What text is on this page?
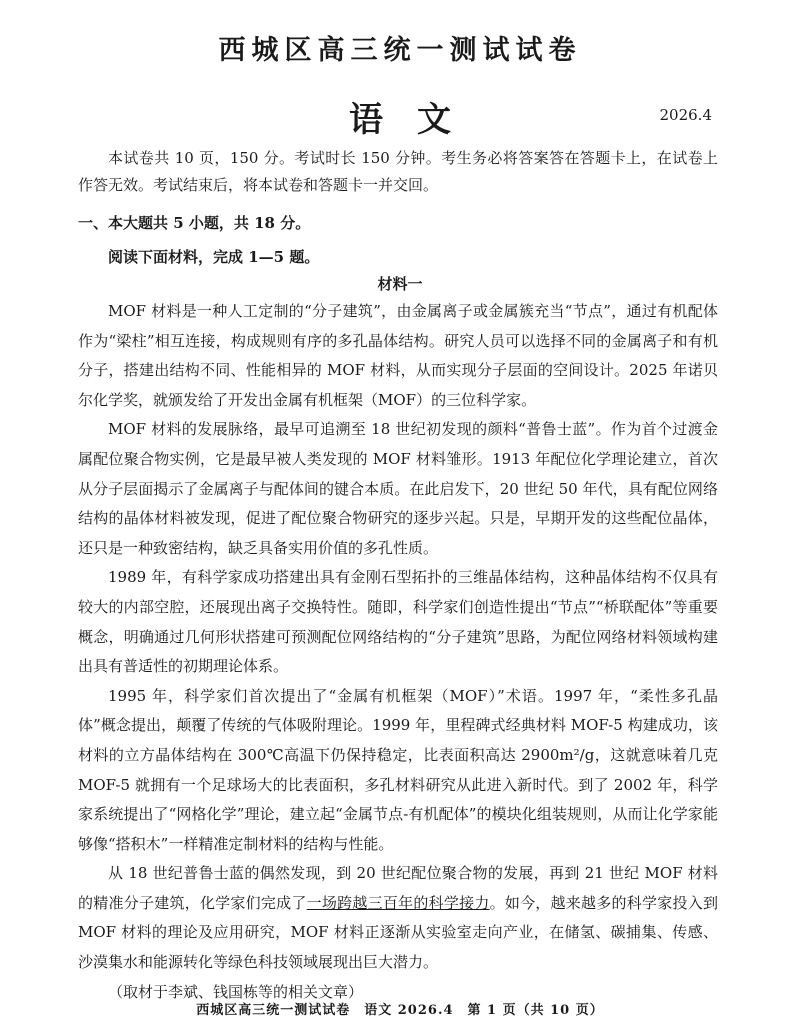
西城区高三统一测试试卷
语文	2026.4
本试卷共 10 页，150 分。考试时长 150 分钟。考生务必将答案答在答题卡上，在试卷上作答无效。考试结束后，将本试卷和答题卡一并交回。
一、本大题共 5 小题，共 18 分。
阅读下面材料，完成 1—5 题。
材料一

MOF 材料是一种人工定制的“分子建筑”，由金属离子或金属簇充当“节点”，通过有机配体作为“梁柱”相互连接，构成规则有序的多孔晶体结构。研究人员可以选择不同的金属离子和有机分子，搭建出结构不同、性能相异的 MOF 材料，从而实现分子层面的空间设计。2025 年诺贝尔化学奖，就颁发给了开发出金属有机框架（MOF）的三位科学家。

MOF 材料的发展脉络，最早可追溯至 18 世纪初发现的颜料“普鲁士蓝”。作为首个过渡金属配位聚合物实例，它是最早被人类发现的 MOF 材料雏形。1913 年配位化学理论建立，首次从分子层面揭示了金属离子与配体间的键合本质。在此启发下，20 世纪 50 年代，具有配位网络结构的晶体材料被发现，促进了配位聚合物研究的逐步兴起。只是，早期开发的这些配位晶体，还只是一种致密结构，缺乏具备实用价值的多孔性质。

1989 年，有科学家成功搭建出具有金刚石型拓扑的三维晶体结构，这种晶体结构不仅具有较大的内部空腔，还展现出离子交换特性。随即，科学家们创造性提出“节点”“桥联配体”等重要概念，明确通过几何形状搭建可预测配位网络结构的“分子建筑”思路，为配位网络材料领域构建出具有普适性的初期理论体系。

1995 年，科学家们首次提出了“金属有机框架（MOF）”术语。1997 年，“柔性多孔晶体”概念提出，颠覆了传统的气体吸附理论。1999 年，里程碑式经典材料 MOF-5 构建成功，该材料的立方晶体结构在 300℃高温下仍保持稳定，比表面积高达 2900m²/g，这就意味着几克 MOF-5 就拥有一个足球场大的比表面积，多孔材料研究从此进入新时代。到了 2002 年，科学家系统提出了“网格化学”理论，建立起“金属节点-有机配体”的模块化组装规则，从而让化学家能够像“搭积木”一样精准定制材料的结构与性能。

从 18 世纪普鲁士蓝的偶然发现，到 20 世纪配位聚合物的发展，再到 21 世纪 MOF 材料的精准分子建筑，化学家们完成了一场跨越三百年的科学接力。如今，越来越多的科学家投入到 MOF 材料的理论及应用研究，MOF 材料正逐渐从实验室走向产业，在储氢、碳捕集、传感、沙漠集水和能源转化等绿色科技领域展现出巨大潜力。

（取材于李斌、钱国栋等的相关文章）

西城区高三统一测试试卷　语文 2026.4　第 1 页（共 10 页）
